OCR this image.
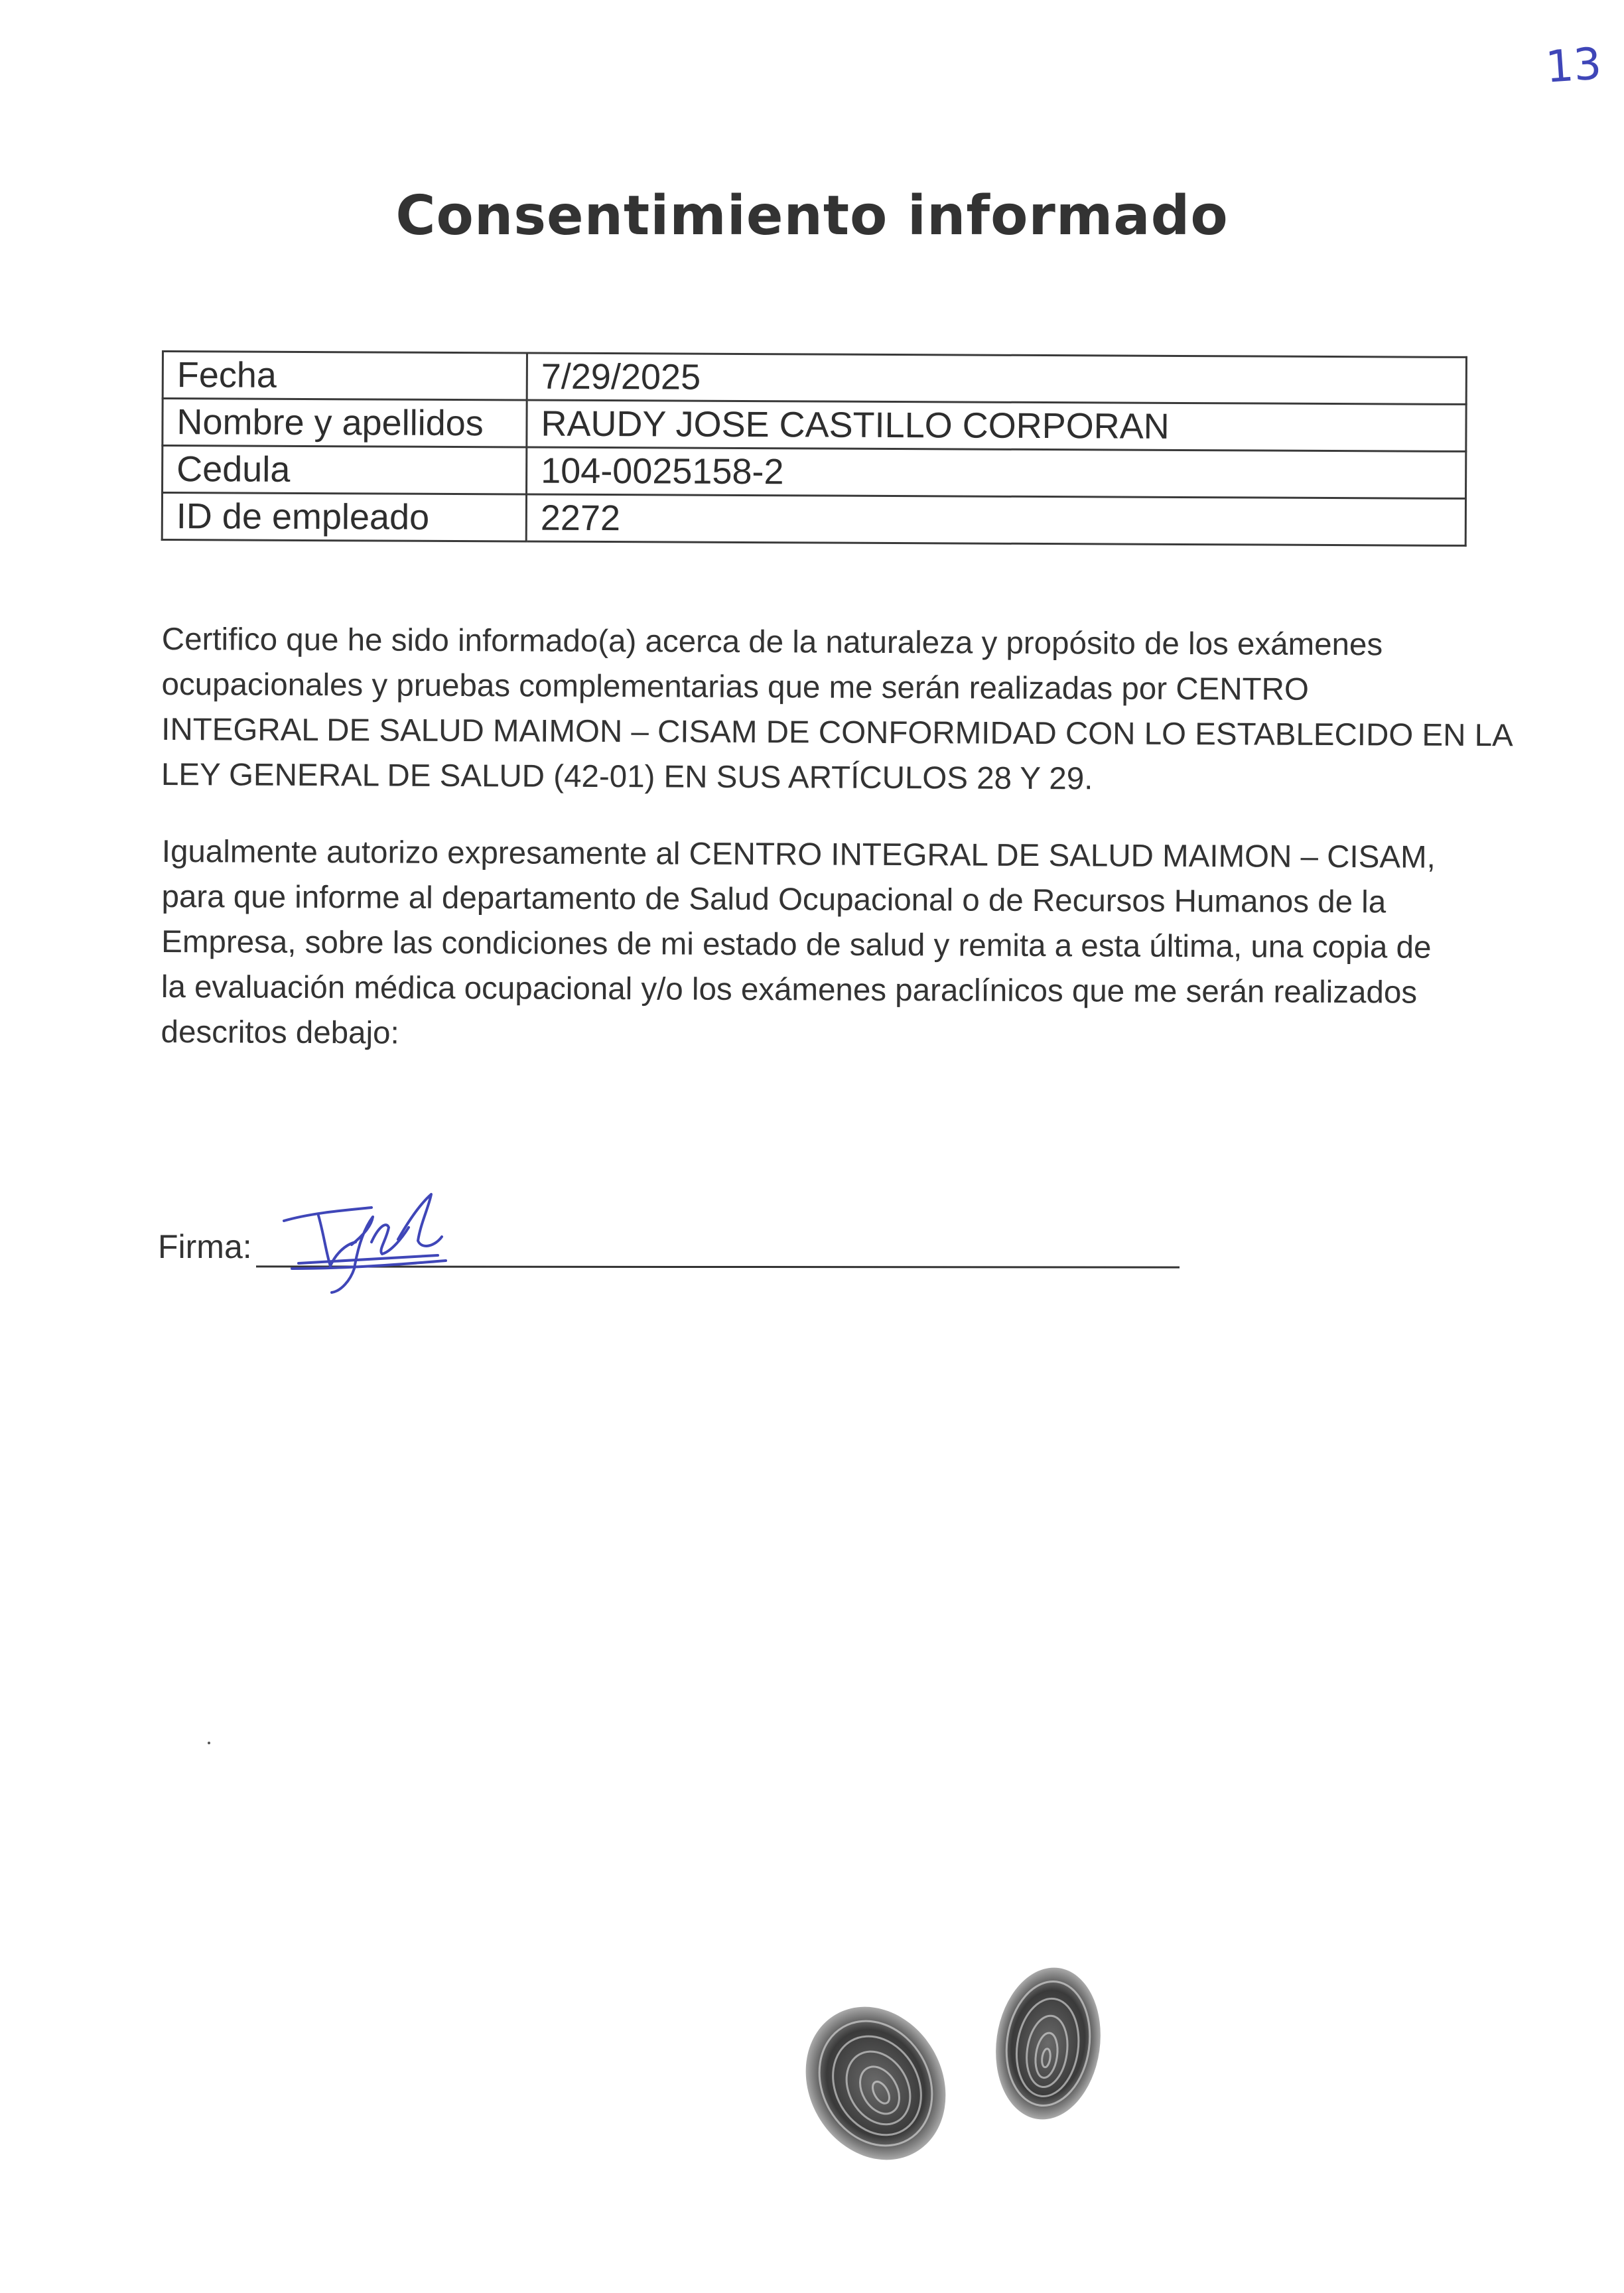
13
Consentimiento informado
Fecha	7/29/2025
Nombre y apellidos	RAUDY JOSE CASTILLO CORPORAN
Cedula	104-0025158-2
ID de empleado	2272
Certifico que he sido informado(a) acerca de la naturaleza y propósito de los exámenes
ocupacionales y pruebas complementarias que me serán realizadas por CENTRO
INTEGRAL DE SALUD MAIMON – CISAM DE CONFORMIDAD CON LO ESTABLECIDO EN LA
LEY GENERAL DE SALUD (42-01) EN SUS ARTÍCULOS 28 Y 29.
Igualmente autorizo expresamente al CENTRO INTEGRAL DE SALUD MAIMON – CISAM,
para que informe al departamento de Salud Ocupacional o de Recursos Humanos de la
Empresa, sobre las condiciones de mi estado de salud y remita a esta última, una copia de
la evaluación médica ocupacional y/o los exámenes paraclínicos que me serán realizados
descritos debajo:
Firma:
